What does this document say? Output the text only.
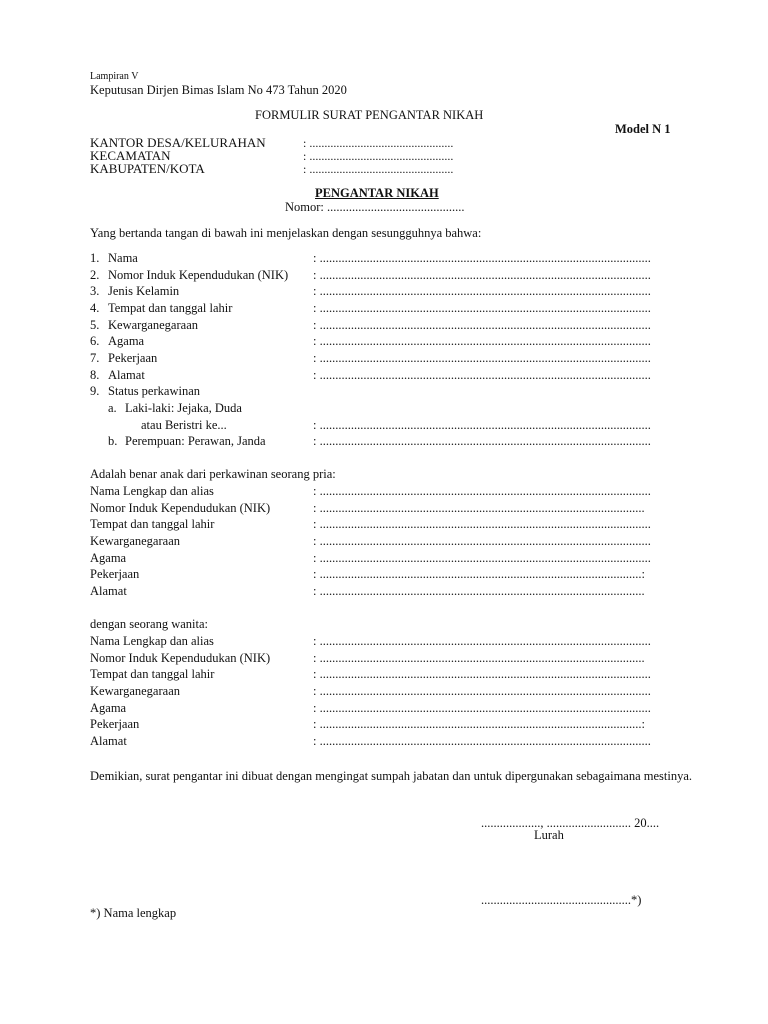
Lampiran V
Keputusan Dirjen Bimas Islam No 473 Tahun 2020
FORMULIR SURAT PENGANTAR NIKAH
Model N 1
KANTOR DESA/KELURAHAN	: ................................................
KECAMATAN	: ................................................
KABUPATEN/KOTA	: ................................................
PENGANTAR NIKAH
Nomor: ............................................
Yang bertanda tangan di bawah ini menjelaskan dengan sesungguhnya bahwa:
1. Nama	: ..........................................................................................................
2. Nomor Induk Kependudukan (NIK) : ..........................................................................................................
3. Jenis Kelamin	: ..........................................................................................................
4. Tempat dan tanggal lahir	: ..........................................................................................................
5. Kewarganegaraan	: ..........................................................................................................
6. Agama	: ..........................................................................................................
7. Pekerjaan	: ..........................................................................................................
8. Alamat	: ..........................................................................................................
9. Status perkawinan
a. Laki-laki: Jejaka, Duda
atau Beristri ke...	: ..........................................................................................................
b. Perempuan: Perawan, Janda	: ..........................................................................................................
Adalah benar anak dari perkawinan seorang pria:
Nama Lengkap dan alias	: ..........................................................................................................
Nomor Induk Kependudukan (NIK)	: ........................................................................................................
Tempat dan tanggal lahir	: ..........................................................................................................
Kewarganegaraan	: ..........................................................................................................
Agama	: ..........................................................................................................
Pekerjaan	: .......................................................................................................:
Alamat	: ........................................................................................................
dengan seorang wanita:
Nama Lengkap dan alias	: ..........................................................................................................
Nomor Induk Kependudukan (NIK)	: ........................................................................................................
Tempat dan tanggal lahir	: ..........................................................................................................
Kewarganegaraan	: ..........................................................................................................
Agama	: ..........................................................................................................
Pekerjaan	: .......................................................................................................:
Alamat	: ..........................................................................................................
Demikian, surat pengantar ini dibuat dengan mengingat sumpah jabatan dan untuk dipergunakan sebagaimana mestinya.
..................., ........................... 20....
Lurah
................................................*)
*) Nama lengkap
